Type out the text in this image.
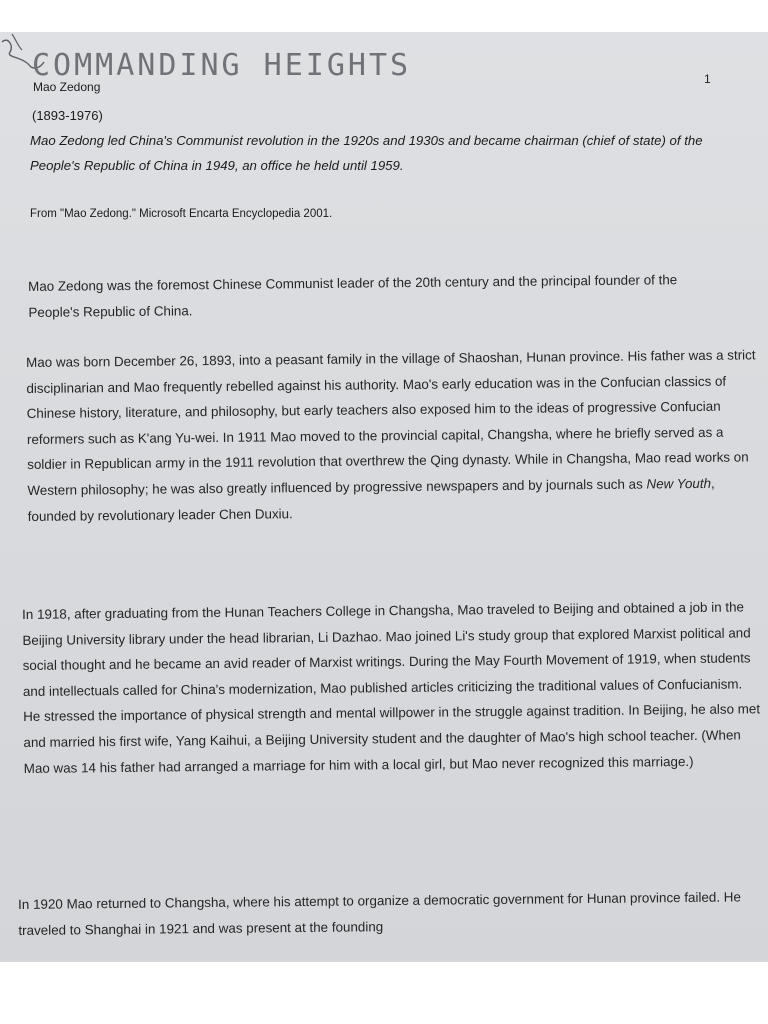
COMMANDING HEIGHTS	1
Mao Zedong
(1893-1976)

Mao Zedong led China's Communist revolution in the 1920s and 1930s and became chairman (chief of state) of the People's Republic of China in 1949, an office he held until 1959.

From "Mao Zedong." Microsoft Encarta Encyclopedia 2001.

Mao Zedong was the foremost Chinese Communist leader of the 20th century and the principal founder of the People's Republic of China.

Mao was born December 26, 1893, into a peasant family in the village of Shaoshan, Hunan province. His father was a strict disciplinarian and Mao frequently rebelled against his authority. Mao's early education was in the Confucian classics of Chinese history, literature, and philosophy, but early teachers also exposed him to the ideas of progressive Confucian reformers such as K'ang Yu-wei. In 1911 Mao moved to the provincial capital, Changsha, where he briefly served as a soldier in Republican army in the 1911 revolution that overthrew the Qing dynasty. While in Changsha, Mao read works on Western philosophy; he was also greatly influenced by progressive newspapers and by journals such as New Youth, founded by revolutionary leader Chen Duxiu.

In 1918, after graduating from the Hunan Teachers College in Changsha, Mao traveled to Beijing and obtained a job in the Beijing University library under the head librarian, Li Dazhao. Mao joined Li's study group that explored Marxist political and social thought and he became an avid reader of Marxist writings. During the May Fourth Movement of 1919, when students and intellectuals called for China's modernization, Mao published articles criticizing the traditional values of Confucianism. He stressed the importance of physical strength and mental willpower in the struggle against tradition. In Beijing, he also met and married his first wife, Yang Kaihui, a Beijing University student and the daughter of Mao's high school teacher. (When Mao was 14 his father had arranged a marriage for him with a local girl, but Mao never recognized this marriage.)

In 1920 Mao returned to Changsha, where his attempt to organize a democratic government for Hunan province failed. He traveled to Shanghai in 1921 and was present at the founding
